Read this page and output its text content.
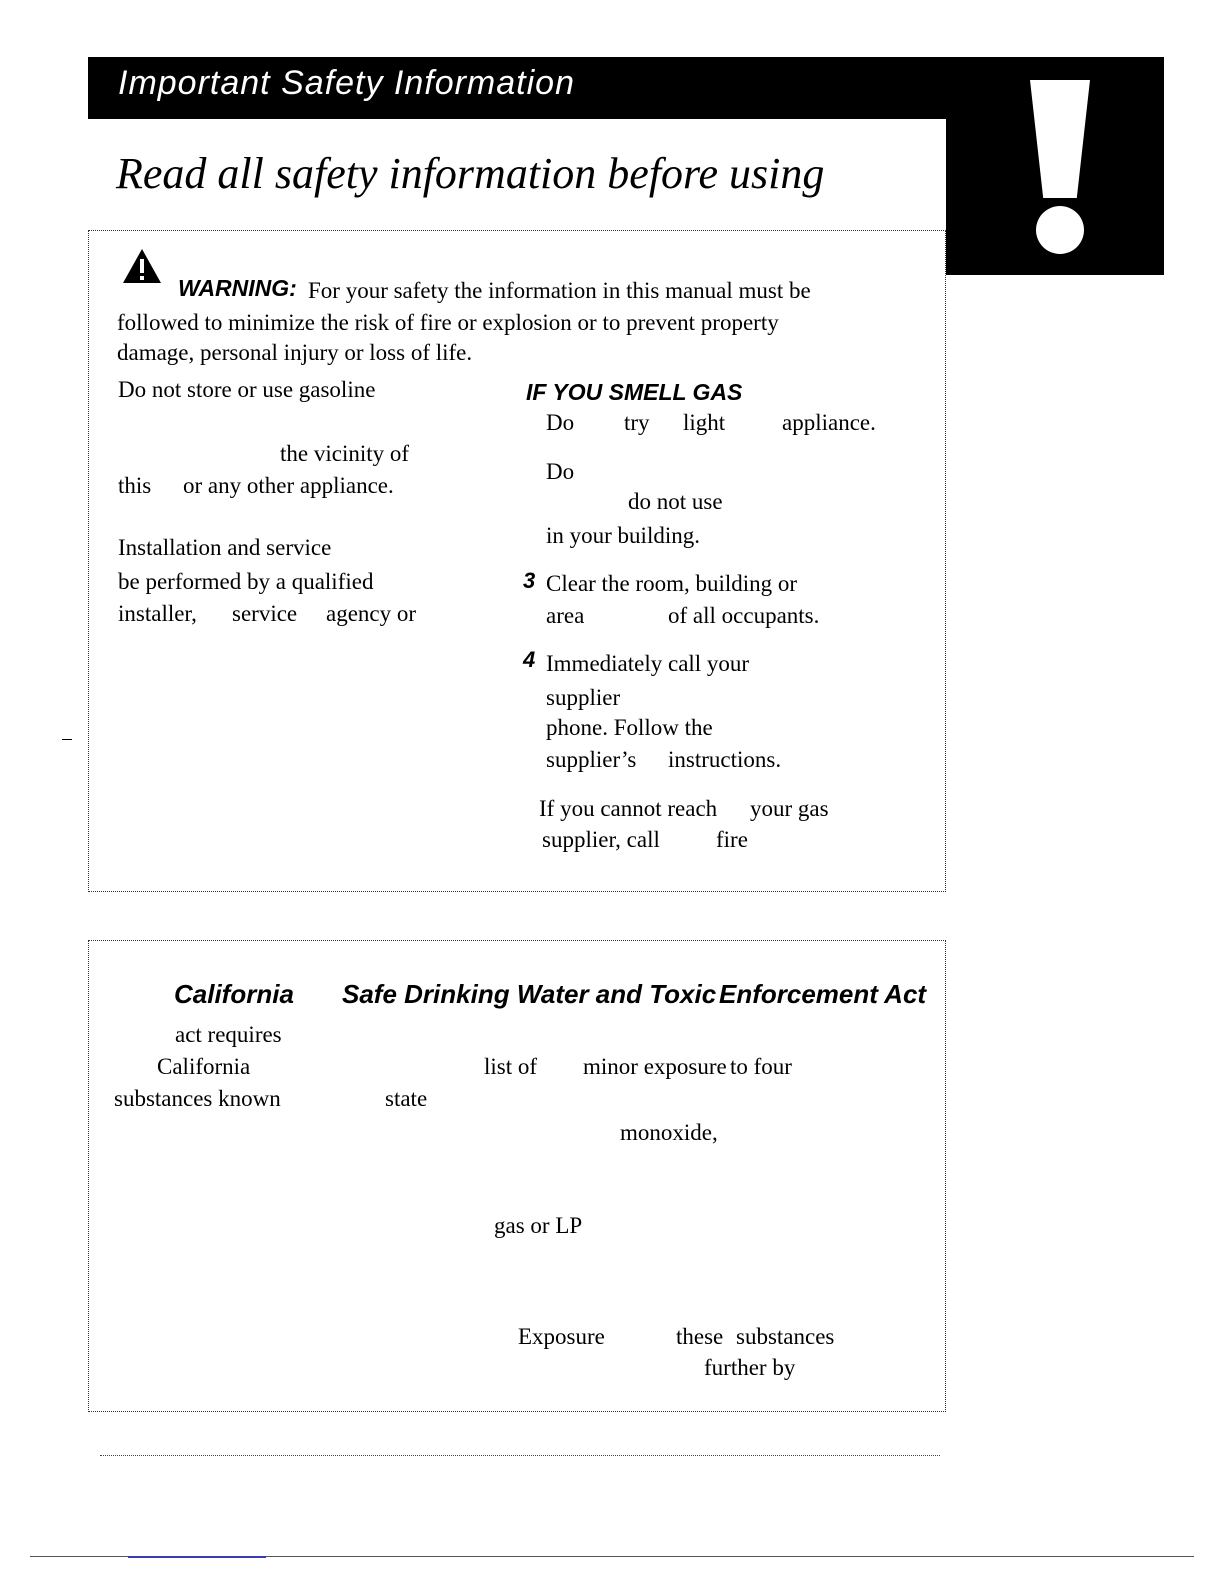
Important Safety Information
Read all safety information before using
WARNING: For your safety the information in this manual must be
followed to minimize the risk of fire or explosion or to prevent property
damage, personal injury or loss of life.
Do not store or use gasoline
the vicinity of
this or any other appliance.
Installation and service
be performed by a qualified
installer, service agency or
IF YOU SMELL GAS
Do try light appliance.
Do
do not use
in your building.
3 Clear the room, building or
area	of all occupants.
4 Immediately call your
supplier
phone. Follow the
supplier’s instructions.
If you cannot reach your gas
supplier, call fire
California Safe Drinking Water and Toxic Enforcement Act
act requires
California	list of minor exposure to four
substances known	state
monoxide,
gas or LP
Exposure	these substances
further by
